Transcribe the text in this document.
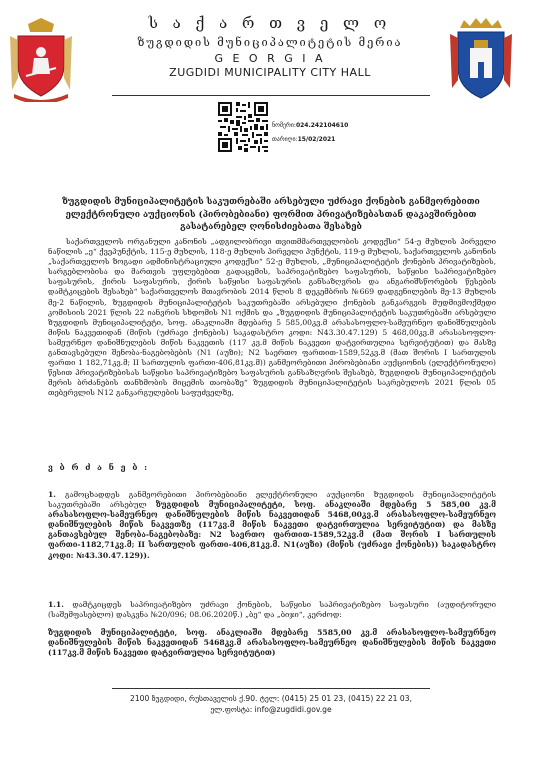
ს ა ქ ა რ თ ვ ე ლ ო
ზუგდიდის მუნიციპალიტეტის მერია
G E O R G I A
ZUGDIDI MUNICIPALITY CITY HALL
ნომერი:024.242104610
თარიღი:15/02/2021
ზუგდიდის მუნიციპალიტეტის საკუთრებაში არსებული უძრავი ქონების განმეორებითი ელექტრონული აუქციონის (პირობებიანი) ფორმით პრივატიზებასთან დაკავშირებით გასატარებელ ღონისძიებათა შესახებ
საქართველოს ორგანული კანონის „ადგილობრივი თვითმმართველობის კოდექსი“ 54-ე მუხლის პირველი ნაწილის „ე“ ქვეპუნქტის, 115-ე მუხლის, 118-ე მუხლის პირველი პუნქტის, 119-ე მუხლის, საქართველოს კანონის „საქართველოს ზოგადი ადმინისტრაციული კოდექსი“ 52-ე მუხლის, „მუნიციპალიტეტის ქონების პრივატიზების, სარგებლობისა და მართვის უფლებებით გადაცემის, საპრივატიზებო საფასურის, საწყისი საპრივატიზებო საფასურის, ქირის საფასურის, ქირის საწყისი საფასურის განსაზღვრის და ანგარიშსწორების წესების დამტკიცების შესახებ“ საქართველოს მთავრობის 2014 წლის 8 დეკემბრის №669 დადგენილების მე-13 მუხლის მე-2 ნაწილის, ზუგდიდის მუნიციპალიტეტის საკუთრებაში არსებული ქონების განკარგვის მუდმივმოქმედი კომისიის 2021 წლის 22 იანვრის სხდომის N1 ოქმის და „ზუგდიდის მუნიციპალიტეტის საკუთრებაში არსებული ზუგდიდის მუნიციპალიტეტი, სოფ. ანაკლიაში მდებარე 5 585,00კვ.მ არასასოფლო-სამეურნეო დანიშნულების მიწის ნაკვეთიდან (მიწის (უძრავი ქონების) საკადასტრო კოდი: N43.30.47.129) 5 468,00კვ.მ არასასოფლო-სამეურნეო დანიშნულების მიწის ნაკვეთის (117 კვ.მ მიწის ნაკვეთი დატვირთულია სერვიტუტით) და მასზე განთავსებული შენობა-ნაგებობების (N1 (აუზი); N2 საერთო ფართით-1589,52კვ.მ (მათ შორის I სართულის ფართი 1 182,71კვ.მ; II სართულის ფართი-406,81კვ.მ)) განმეორებითი პირობებიანი აუქციონის (ელექტრონული) წესით პრივატიზებისას საწყისი საპრივატიზებო საფასურის განსაზღვრის შესახებ, ზუგდიდის მუნიციპალიტეტის მერის ბრძანების თანხმობის მიცემის თაობაზე“ ზუგდიდის მუნიციპალიტეტის საკრებულოს 2021 წლის 05 თებერვლის N12 განკარგულების საფუძველზე,
ვ ბ რ ძ ა ნ ე ბ :
1. გამოცხადდეს განმეორებითი პირობებიანი ელექტრონული აუქციონი ზუგდიდის მუნიციპალიტეტის საკუთრებაში არსებულ ზუგდიდის მუნიციპალიტეტი, სოფ. ანაკლიაში მდებარე 5 585,00 კვ.მ არასასოფლო-სამეურნეო დანიშნულების მიწის ნაკვეთიდან 5468,00კვ.მ არასასოფლო-სამეურნეო დანიშნულების მიწის ნაკვეთზე (117კვ.მ მიწის ნაკვეთი დატვირთულია სერვიტუტით) და მასზე განთავსებულ შენობა-ნაგებობაზე: N2 საერთო ფართით-1589,52კვ.მ (მათ შორის I სართულის ფართი-1182,71კვ.მ; II სართულის ფართი-406,81კვ.მ. N1(აუზი) (მიწის (უძრავი ქონების)) საკადასტრო კოდი: №43.30.47.129)).
1.1. დამტკიცდეს საპრივატიზებო უძრავი ქონების, საწყისი საპრივატიზებო საფასური (აუდიტორული (საშემფასებლო) დასკვნა №20/096; 08.06.2020წ.) „ბე“ და „ბიჯი“, კერძოდ:
ზუგდიდის მუნიციპალიტეტი, სოფ. ანაკლიაში მდებარე 5585,00 კვ.მ არასასოფლო-სამეურნეო დანიშნულების მიწის ნაკვეთიდან 5468კვ.მ არასასოფლო-სამეურნეო დანიშნულების მიწის ნაკვეთი (117კვ.მ მიწის ნაკვეთი დატვირთულია სერვიტუტით)
2100 ზუგდიდი, რუსთაველის ქ.90. ტელ: (0415) 25 01 23, (0415) 22 21 03,
ელ.ფოსტა: info@zugdidi.gov.ge
